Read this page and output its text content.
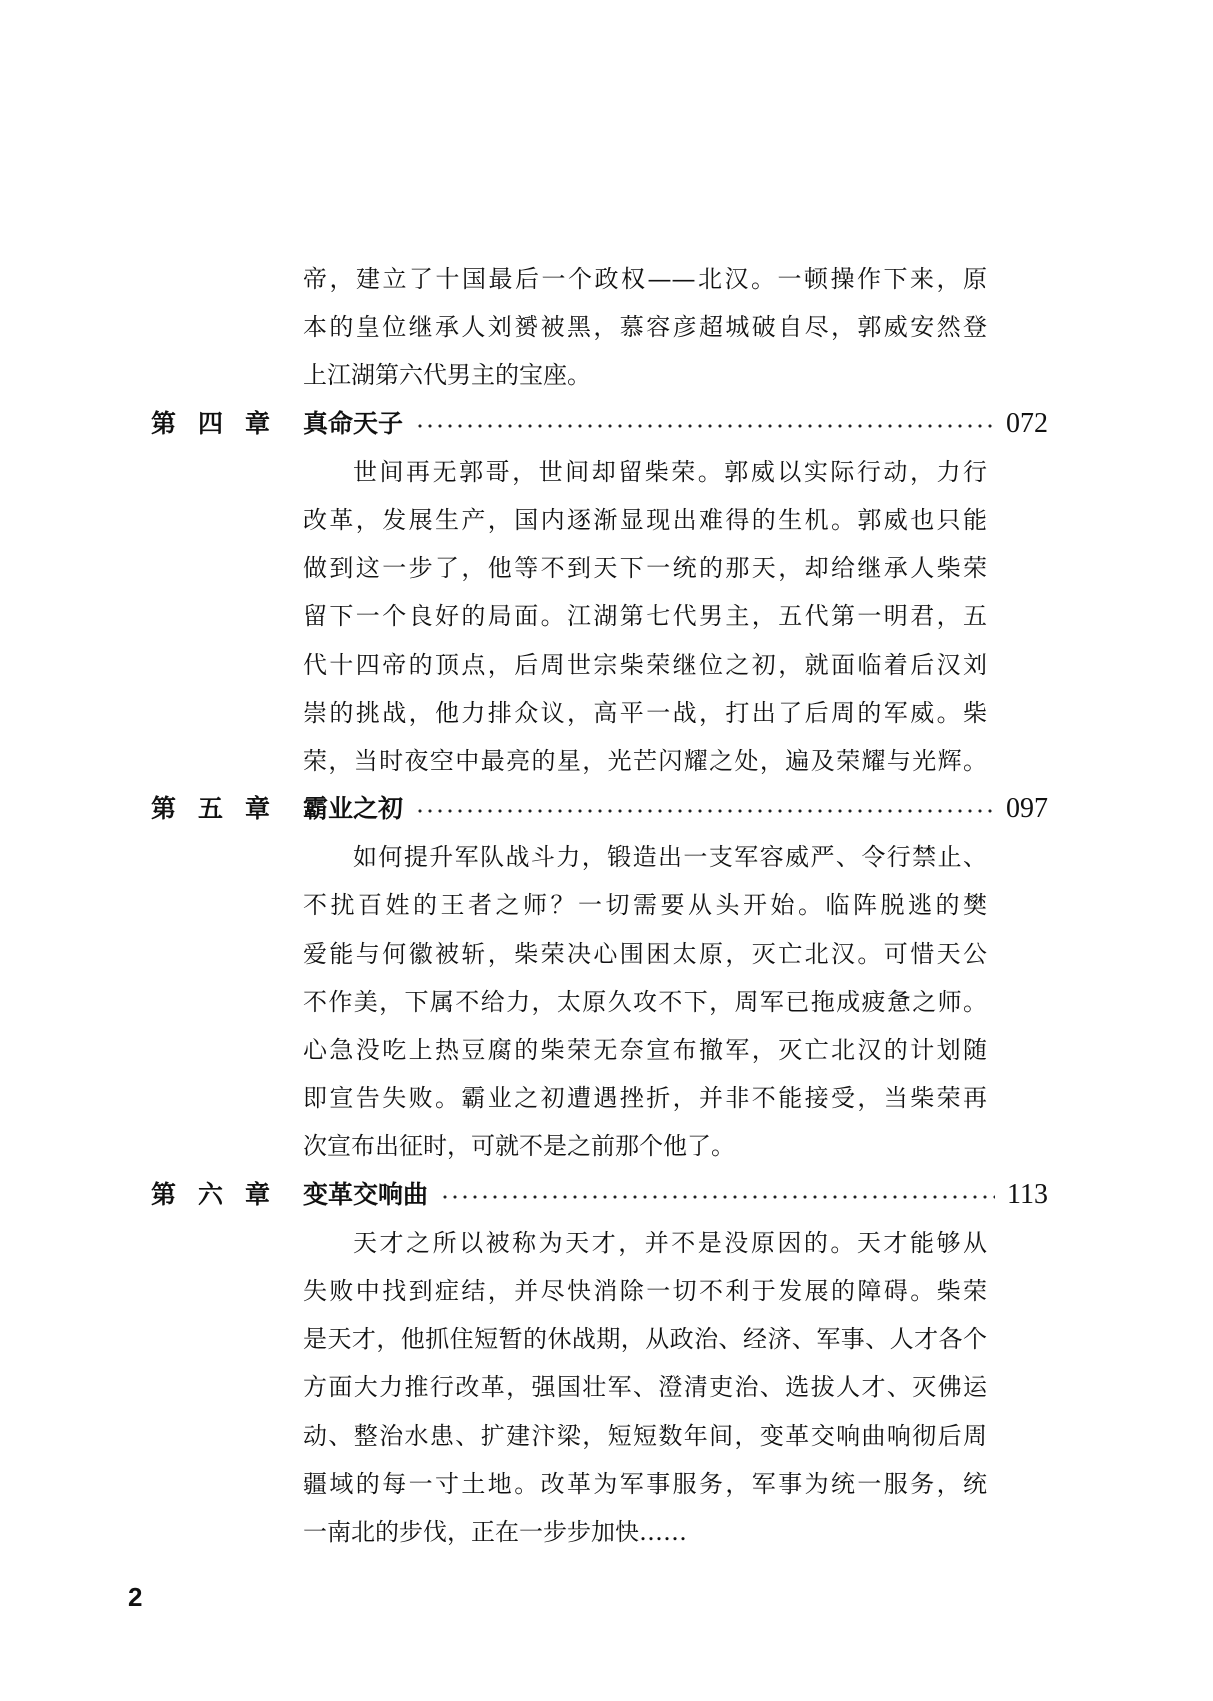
帝，建立了十国最后一个政权——北汉。一顿操作下来，原
本的皇位继承人刘赟被黑，慕容彦超城破自尽，郭威安然登
上江湖第六代男主的宝座。
第四章 真命天子	072
世间再无郭哥，世间却留柴荣。郭威以实际行动，力行
改革，发展生产，国内逐渐显现出难得的生机。郭威也只能
做到这一步了，他等不到天下一统的那天，却给继承人柴荣
留下一个良好的局面。江湖第七代男主，五代第一明君，五
代十四帝的顶点，后周世宗柴荣继位之初，就面临着后汉刘
崇的挑战，他力排众议，高平一战，打出了后周的军威。柴
荣，当时夜空中最亮的星，光芒闪耀之处，遍及荣耀与光辉。
第五章 霸业之初	097
如何提升军队战斗力，锻造出一支军容威严、令行禁止、
不扰百姓的王者之师？一切需要从头开始。临阵脱逃的樊
爱能与何徽被斩，柴荣决心围困太原，灭亡北汉。可惜天公
不作美，下属不给力，太原久攻不下，周军已拖成疲惫之师。
心急没吃上热豆腐的柴荣无奈宣布撤军，灭亡北汉的计划随
即宣告失败。霸业之初遭遇挫折，并非不能接受，当柴荣再
次宣布出征时，可就不是之前那个他了。
第六章 变革交响曲	113
天才之所以被称为天才，并不是没原因的。天才能够从
失败中找到症结，并尽快消除一切不利于发展的障碍。柴荣
是天才，他抓住短暂的休战期，从政治、经济、军事、人才各个
方面大力推行改革，强国壮军、澄清吏治、选拔人才、灭佛运
动、整治水患、扩建汴梁，短短数年间，变革交响曲响彻后周
疆域的每一寸土地。改革为军事服务，军事为统一服务，统
一南北的步伐，正在一步步加快……
2
